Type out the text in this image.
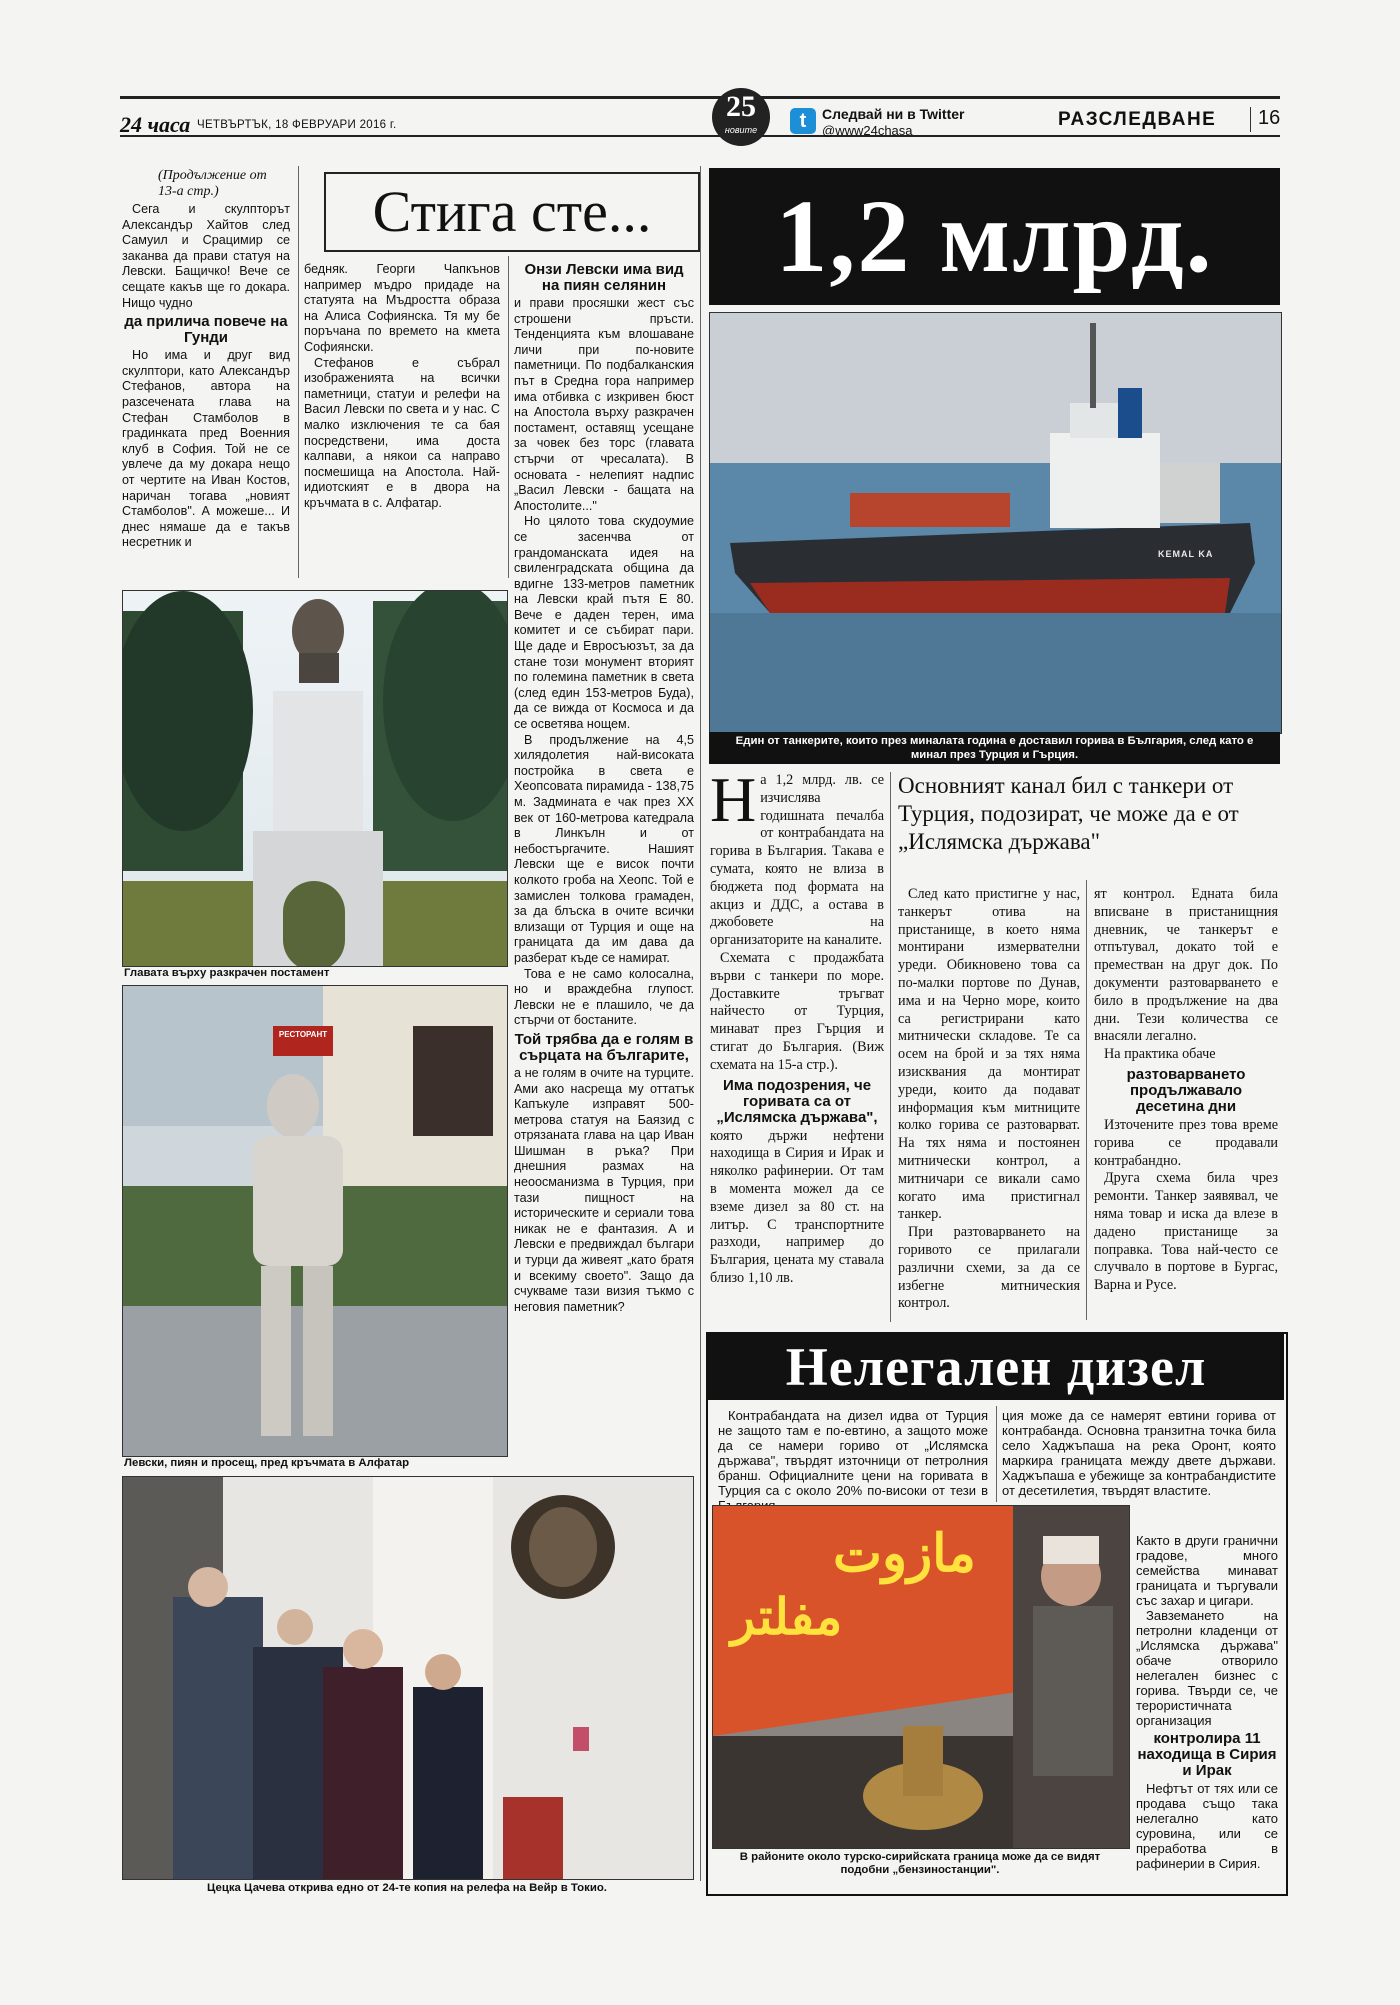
24 часа ЧЕТВЪРТЪК, 18 ФЕВРУАРИ 2016 г.
25
новите	t	Следвай ни в Twitter
@www24chasa
РАЗСЛЕДВАНЕ 16
(Продължение от 13-а стр.)	Стига сте...

Сега и скулпторът Александър Хайтов след Самуил и Срацимир се заканва да прави статуя на Левски. Бащичко! Вече се сещате какъв ще го докара. Нищо чудно

да прилича повече на Гунди

Но има и друг вид скулптори, като Александър Стефанов, автора на разсечената глава на Стефан Стамболов в градинката пред Военния клуб в София. Той не се увлече да му докара нещо от чертите на Иван Костов, наричан тогава „новият Стамболов". А можеше... И днес нямаше да е такъв несретник и

бедняк. Георги Чапкънов например мъдро придаде на статуята на Мъдростта образа на Алиса Софиянска. Тя му бе поръчана по времето на кмета Софиянски.

Стефанов е събрал изображенията на всички паметници, статуи и релефи на Васил Левски по света и у нас. С малко изключения те са бая посредствени, има доста калпави, а някои са направо посмешища на Апостола. Най-идиотският е в двора на кръчмата в с. Алфатар.

Онзи Левски има вид на пиян селянин

и прави просяшки жест със строшени пръсти. Тенденцията към влошаване личи при по-новите паметници. По подбалканския път в Средна гора например има отбивка с изкривен бюст на Апостола върху разкрачен постамент, оставящ усещане за човек без торс (главата стърчи от чресалата). В основата - нелепият надпис „Васил Левски - бащата на Апостолите..."

Но цялото това скудоумие се засенчва от грандоманската идея на свиленградската община да вдигне 133-метров паметник на Левски край пътя Е 80. Вече е даден терен, има комитет и се събират пари. Ще даде и Евросъюзът, за да стане този монумент вторият по големина паметник в света (след един 153-метров Буда), да се вижда от Космоса и да се осветява нощем.

В продължение на 4,5 хилядолетия най-високата постройка в света е Хеопсовата пирамида - 138,75 м. Задмината е чак през XX век от 160-метрова катедрала в Линкълн и от небостъргачите. Нашият Левски ще е висок почти колкото гроба на Хеопс. Той е замислен толкова грамаден, за да блъска в очите всички влизащи от Турция и още на границата да им дава да разберат къде се намират.

Това е не само колосална, но и враждебна глупост. Левски не е плашило, че да стърчи от бостаните.

Той трябва да е голям в сърцата на българите,

а не голям в очите на турците. Ами ако насреща му оттатък Капъкуле изправят 500-метрова статуя на Баязид с отрязаната глава на цар Иван Шишман в ръка? При днешния размах на неоосманизма в Турция, при тази пищност на историческите и сериали това никак не е фантазия. А и Левски е предвиждал българи и турци да живеят „като братя и всекиму своето". Защо да счукваме тази визия тъкмо с неговия паметник?

Главата върху разкрачен постамент
РЕСТОРАНТ
Левски, пиян и просещ, пред кръчмата в Алфатар
Цецка Цачева открива едно от 24-те копия на релефа на Вейр в Токио.
1,2 млрд.
KEMAL KA
Един от танкерите, които през миналата година е доставил горива в България, след като е минал през Турция и Гърция.
Н а 1,2 млрд. лв. се изчислява годишната печалба от контрабандата на горива в България. Такава е сумата, която не влиза в бюджета под формата на акциз и ДДС, а остава в джобовете на организаторите на каналите.

Схемата с продажбата върви с танкери по море. Доставките тръгват найчесто от Турция, минават през Гърция и стигат до България. (Виж схемата на 15-а стр.).

Има подозрения, че горивата са от „Ислямска държава",

която държи нефтени находища в Сирия и Ирак и няколко рафинерии. От там в момента можел да се вземе дизел за 80 ст. на литър. С транспортните разходи, например до България, цената му ставала близо 1,10 лв.

Основният канал бил с танкери от Турция, подозират, че може да е от „Ислямска държава"

След като пристигне у нас, танкерът отива на пристанище, в което няма монтирани измервателни уреди. Обикновено това са по-малки портове по Дунав, има и на Черно море, които са регистрирани като митнически складове. Те са осем на брой и за тях няма изисквания да монтират уреди, които да подават информация към митниците колко горива се разтоварват. На тях няма и постоянен митнически контрол, а митничари се викали само когато има пристигнал танкер.

При разтоварването на горивото се прилагали различни схеми, за да се избегне митническия контрол.

ят контрол. Едната била вписване в пристанищния дневник, че танкерът е отпътувал, докато той е преместван на друг док. По документи разтоварването е било в продължение на два дни. Тези количества се внасяли легално.

На практика обаче

разтоварването продължавало десетина дни

Източените през това време горива се продавали контрабандно.

Друга схема била чрез ремонти. Танкер заявявал, че няма товар и иска да влезе в дадено пристанище за поправка. Това най-често се случвало в портове в Бургас, Варна и Русе.

Нелегален дизел

Контрабандата на дизел идва от Турция не защото там е по-евтино, а защото може да се намери гориво от „Ислямска държава", твърдят източници от петролния бранш. Официалните цени на горивата в Турция са с около 20% по-високи от тези в

ция може да се намерят евтини горива от контрабанда. Основна транзитна точка била село Хаджъпаша на река Оронт, която маркира границата между двете държави. Хаджъпаша е убежище за контрабандистите от десетилетия, твърдят властите.

مازوت
مفلتر
В районите около турско-сирийската граница може да се видят подобни „бензиностанции".

Както в други гранични градове, много семейства минават границата и търгували със захар и цигари.

Завземането на петролни кладенци от „Ислямска държава" обаче отворило нелегален бизнес с горива. Твърди се, че терористичната организация

контролира 11 находища в Сирия и Ирак

Нефтът от тях или се продава също така нелегално като суровина, или се преработва в рафинерии в Сирия.
